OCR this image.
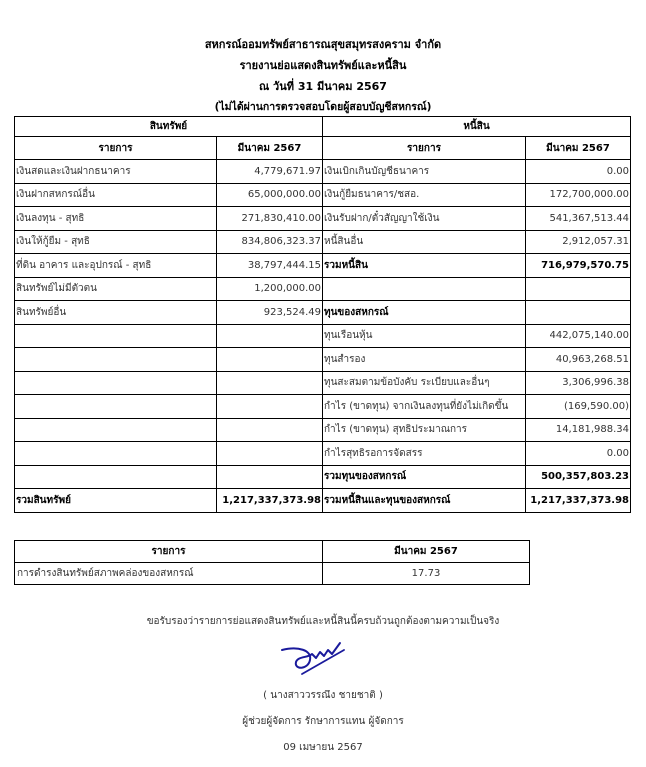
สหกรณ์ออมทรัพย์สาธารณสุขสมุทรสงคราม จำกัด
รายงานย่อแสดงสินทรัพย์และหนี้สิน
ณ วันที่ 31 มีนาคม 2567
(ไม่ได้ผ่านการตรวจสอบโดยผู้สอบบัญชีสหกรณ์)
สินทรัพย์		หนี้สิน	
รายการ	มีนาคม 2567	รายการ	มีนาคม 2567
เงินสดและเงินฝากธนาคาร	4,779,671.97	เงินเบิกเกินบัญชีธนาคาร	0.00
เงินฝากสหกรณ์อื่น	65,000,000.00	เงินกู้ยืมธนาคาร/ชสอ.	172,700,000.00
เงินลงทุน - สุทธิ	271,830,410.00	เงินรับฝาก/ตั๋วสัญญาใช้เงิน	541,367,513.44
เงินให้กู้ยืม - สุทธิ	834,806,323.37	หนี้สินอื่น	2,912,057.31
ที่ดิน อาคาร และอุปกรณ์ - สุทธิ	38,797,444.15	รวมหนี้สิน	716,979,570.75
สินทรัพย์ไม่มีตัวตน	1,200,000.00		
สินทรัพย์อื่น	923,524.49	ทุนของสหกรณ์	
		ทุนเรือนหุ้น	442,075,140.00
		ทุนสำรอง	40,963,268.51
		ทุนสะสมตามข้อบังคับ ระเบียบและอื่นๆ	3,306,996.38
		กำไร (ขาดทุน) จากเงินลงทุนที่ยังไม่เกิดขึ้น	(169,590.00)
		กำไร (ขาดทุน) สุทธิประมาณการ	14,181,988.34
		กำไรสุทธิรอการจัดสรร	0.00
		รวมทุนของสหกรณ์	500,357,803.23
รวมสินทรัพย์	1,217,337,373.98	รวมหนี้สินและทุนของสหกรณ์	1,217,337,373.98
รายการ	มีนาคม 2567
การดำรงสินทรัพย์สภาพคล่องของสหกรณ์	17.73
ขอรับรองว่ารายการย่อแสดงสินทรัพย์และหนี้สินนี้ครบถ้วนถูกต้องตามความเป็นจริง
( นางสาววรรณึง ชายชาติ )
ผู้ช่วยผู้จัดการ รักษาการแทน ผู้จัดการ
09 เมษายน 2567
